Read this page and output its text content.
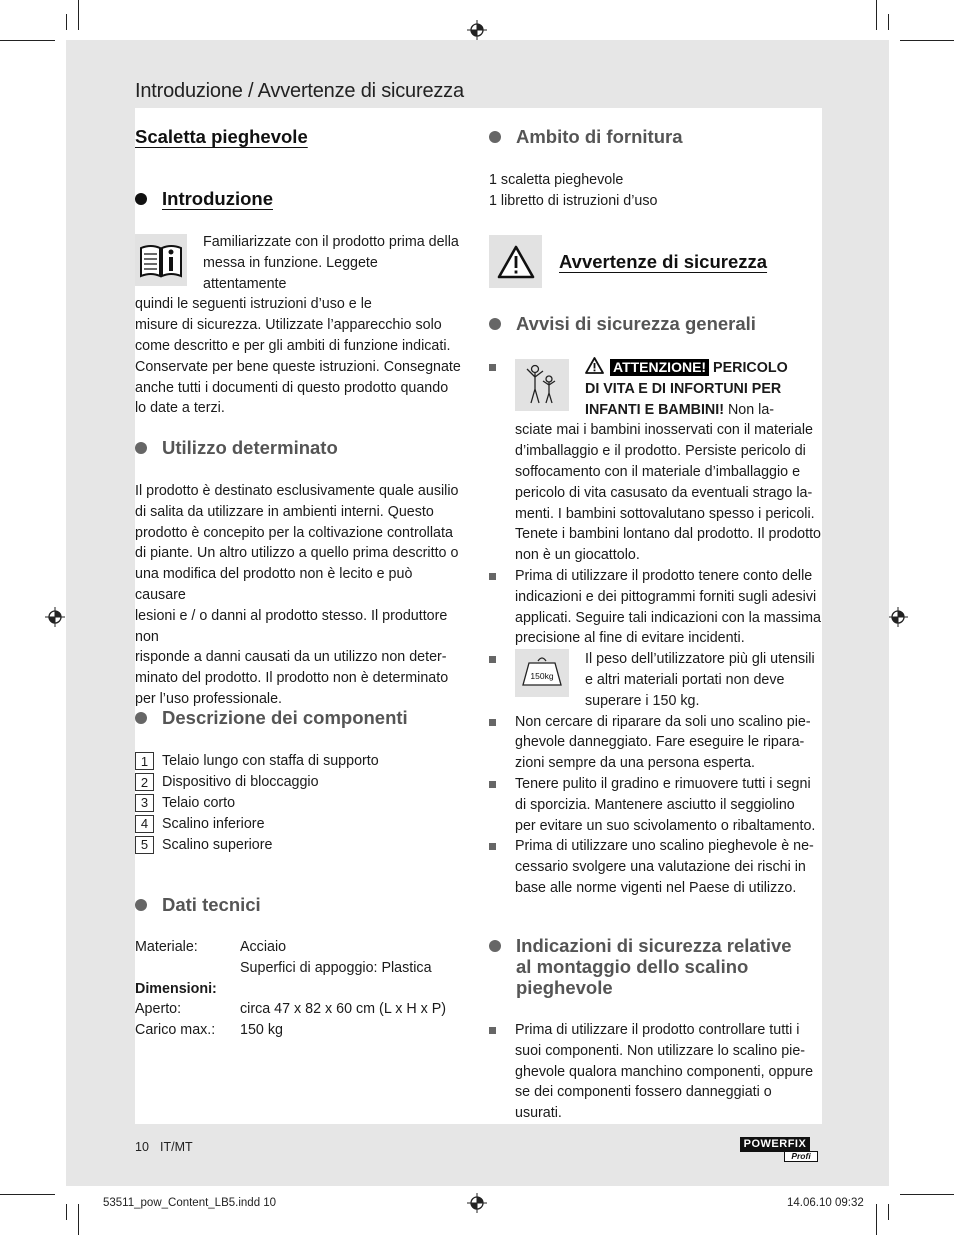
Introduzione / Avvertenze di sicurezza
Scaletta pieghevole
Introduzione
Familiarizzate con il prodotto prima della
messa in funzione. Leggete attentamente
quindi le seguenti istruzioni d’uso e le
misure di sicurezza. Utilizzate l’apparecchio solo
come descritto e per gli ambiti di funzione indicati.
Conservate per bene queste istruzioni. Consegnate
anche tutti i documenti di questo prodotto quando
lo date a terzi.
Utilizzo determinato
Il prodotto è destinato esclusivamente quale ausilio
di salita da utilizzare in ambienti interni. Questo
prodotto è concepito per la coltivazione controllata
di piante. Un altro utilizzo a quello prima descritto o
una modifica del prodotto non è lecito e può causare
lesioni e / o danni al prodotto stesso. Il produttore non
risponde a danni causati da un utilizzo non deter-
minato del prodotto. Il prodotto non è determinato
per l’uso professionale.
Descrizione dei componenti
1 Telaio lungo con staffa di supporto
2 Dispositivo di bloccaggio
3 Telaio corto
4 Scalino inferiore
5 Scalino superiore
Dati tecnici
Materiale:	Acciaio
Superfici di appoggio: Plastica
Dimensioni:
Aperto:	circa 47 x 82 x 60 cm (L x H x P)
Carico max.:	150 kg
Ambito di fornitura
1 scaletta pieghevole
1 libretto di istruzioni d’uso
Avvertenze di sicurezza
Avvisi di sicurezza generali
ATTENZIONE! PERICOLO
DI VITA E DI INFORTUNI PER
INFANTI E BAMBINI! Non la-
sciate mai i bambini inosservati con il materiale
d’imballaggio e il prodotto. Persiste pericolo di
soffocamento con il materiale d’imballaggio e
pericolo di vita casusato da eventuali strago la-
menti. I bambini sottovalutano spesso i pericoli.
Tenete i bambini lontano dal prodotto. Il prodotto
non è un giocattolo.
Prima di utilizzare il prodotto tenere conto delle
indicazioni e dei pittogrammi forniti sugli adesivi
applicati. Seguire tali indicazioni con la massima
precisione al fine di evitare incidenti.
150kg
Il peso dell’utilizzatore più gli utensili
e altri materiali portati non deve
superare i 150 kg.
Non cercare di riparare da soli uno scalino pie-
ghevole danneggiato. Fare eseguire le ripara-
zioni sempre da una persona esperta.
Tenere pulito il gradino e rimuovere tutti i segni
di sporcizia. Mantenere asciutto il seggiolino
per evitare un suo scivolamento o ribaltamento.
Prima di utilizzare uno scalino pieghevole è ne-
cessario svolgere una valutazione dei rischi in
base alle norme vigenti nel Paese di utilizzo.
Indicazioni di sicurezza relative
al montaggio dello scalino
pieghevole
Prima di utilizzare il prodotto controllare tutti i
suoi componenti. Non utilizzare lo scalino pie-
ghevole qualora manchino componenti, oppure
se dei componenti fossero danneggiati o usurati.
10 IT/MT	POWERFIX
Profi
53511_pow_Content_LB5.indd 10	14.06.10 09:32
